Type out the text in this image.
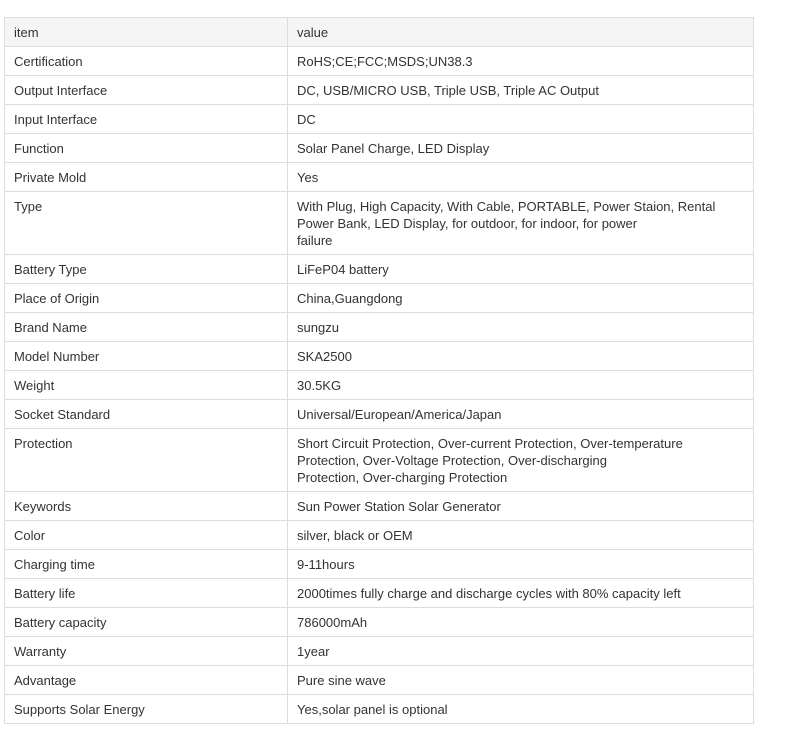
item	value
Certification	RoHS;CE;FCC;MSDS;UN38.3
Output Interface	DC, USB/MICRO USB, Triple USB, Triple AC Output
Input Interface	DC
Function	Solar Panel Charge, LED Display
Private Mold	Yes
Type	With Plug, High Capacity, With Cable, PORTABLE, Power Staion, Rental
Power Bank, LED Display, for outdoor, for indoor, for power
failure

Battery Type	LiFeP04 battery
Place of Origin	China,Guangdong
Brand Name	sungzu
Model Number	SKA2500
Weight	30.5KG
Socket Standard	Universal/European/America/Japan
Protection	Short Circuit Protection, Over-current Protection, Over-temperature
Protection, Over-Voltage Protection, Over-discharging
Protection, Over-charging Protection

Keywords	Sun Power Station Solar Generator
Color	silver, black or OEM
Charging time	9-11hours
Battery life	2000times fully charge and discharge cycles with 80% capacity left
Battery capacity	786000mAh
Warranty	1year
Advantage	Pure sine wave
Supports Solar Energy	Yes,solar panel is optional
